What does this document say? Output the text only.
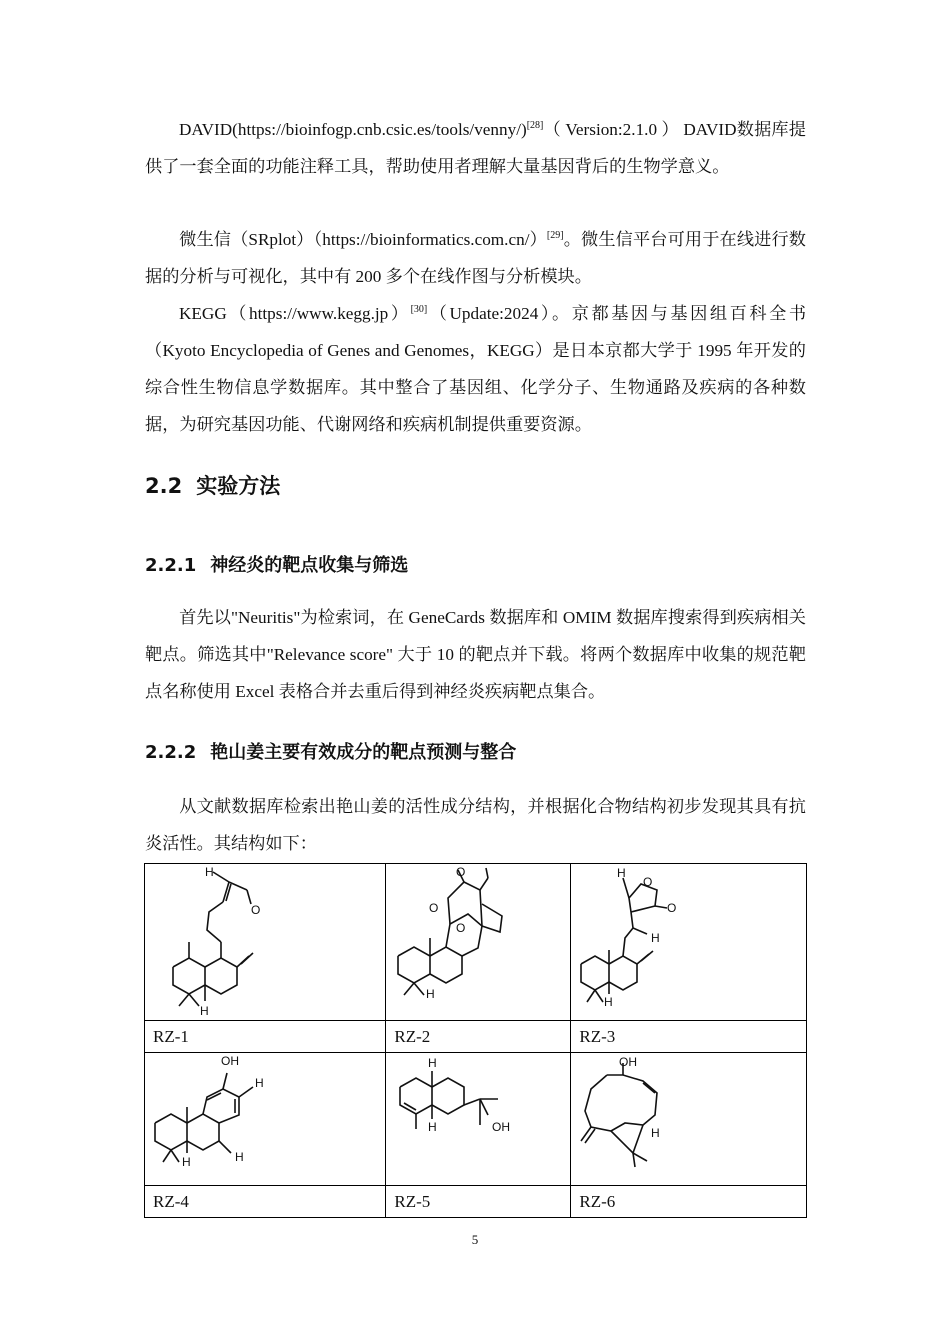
DAVID(https://bioinfogp.cnb.csic.es/tools/venny/)[28]（ Version:2.1.0 ） DAVID数据库提供了一套全面的功能注释工具，帮助使用者理解大量基因背后的生物学意义。

微生信（SRplot）（https://bioinformatics.com.cn/）[29]。微生信平台可用于在线进行数据的分析与可视化，其中有 200 多个在线作图与分析模块。

KEGG（https://www.kegg.jp）[30]（Update:2024）。京都基因与基因组百科全书（Kyoto Encyclopedia of Genes and Genomes，KEGG）是日本京都大学于 1995 年开发的综合性生物信息学数据库。其中整合了基因组、化学分子、生物通路及疾病的各种数据，为研究基因功能、代谢网络和疾病机制提供重要资源。

2.2 实验方法
2.2.1 神经炎的靶点收集与筛选

首先以"Neuritis"为检索词，在 GeneCards 数据库和 OMIM 数据库搜索得到疾病相关靶点。筛选其中"Relevance score" 大于 10 的靶点并下载。将两个数据库中收集的规范靶点名称使用 Excel 表格合并去重后得到神经炎疾病靶点集合。

2.2.2 艳山姜主要有效成分的靶点预测与整合

从文献数据库检索出艳山姜的活性成分结构，并根据化合物结构初步发现其具有抗炎活性。其结构如下：

H
H
O	H
O
O
O	H
H
H
O
O

RZ-1	RZ-2	RZ-3

OH
H
H
H	H
H OH	OH
H

RZ-4	RZ-5	RZ-6
5
